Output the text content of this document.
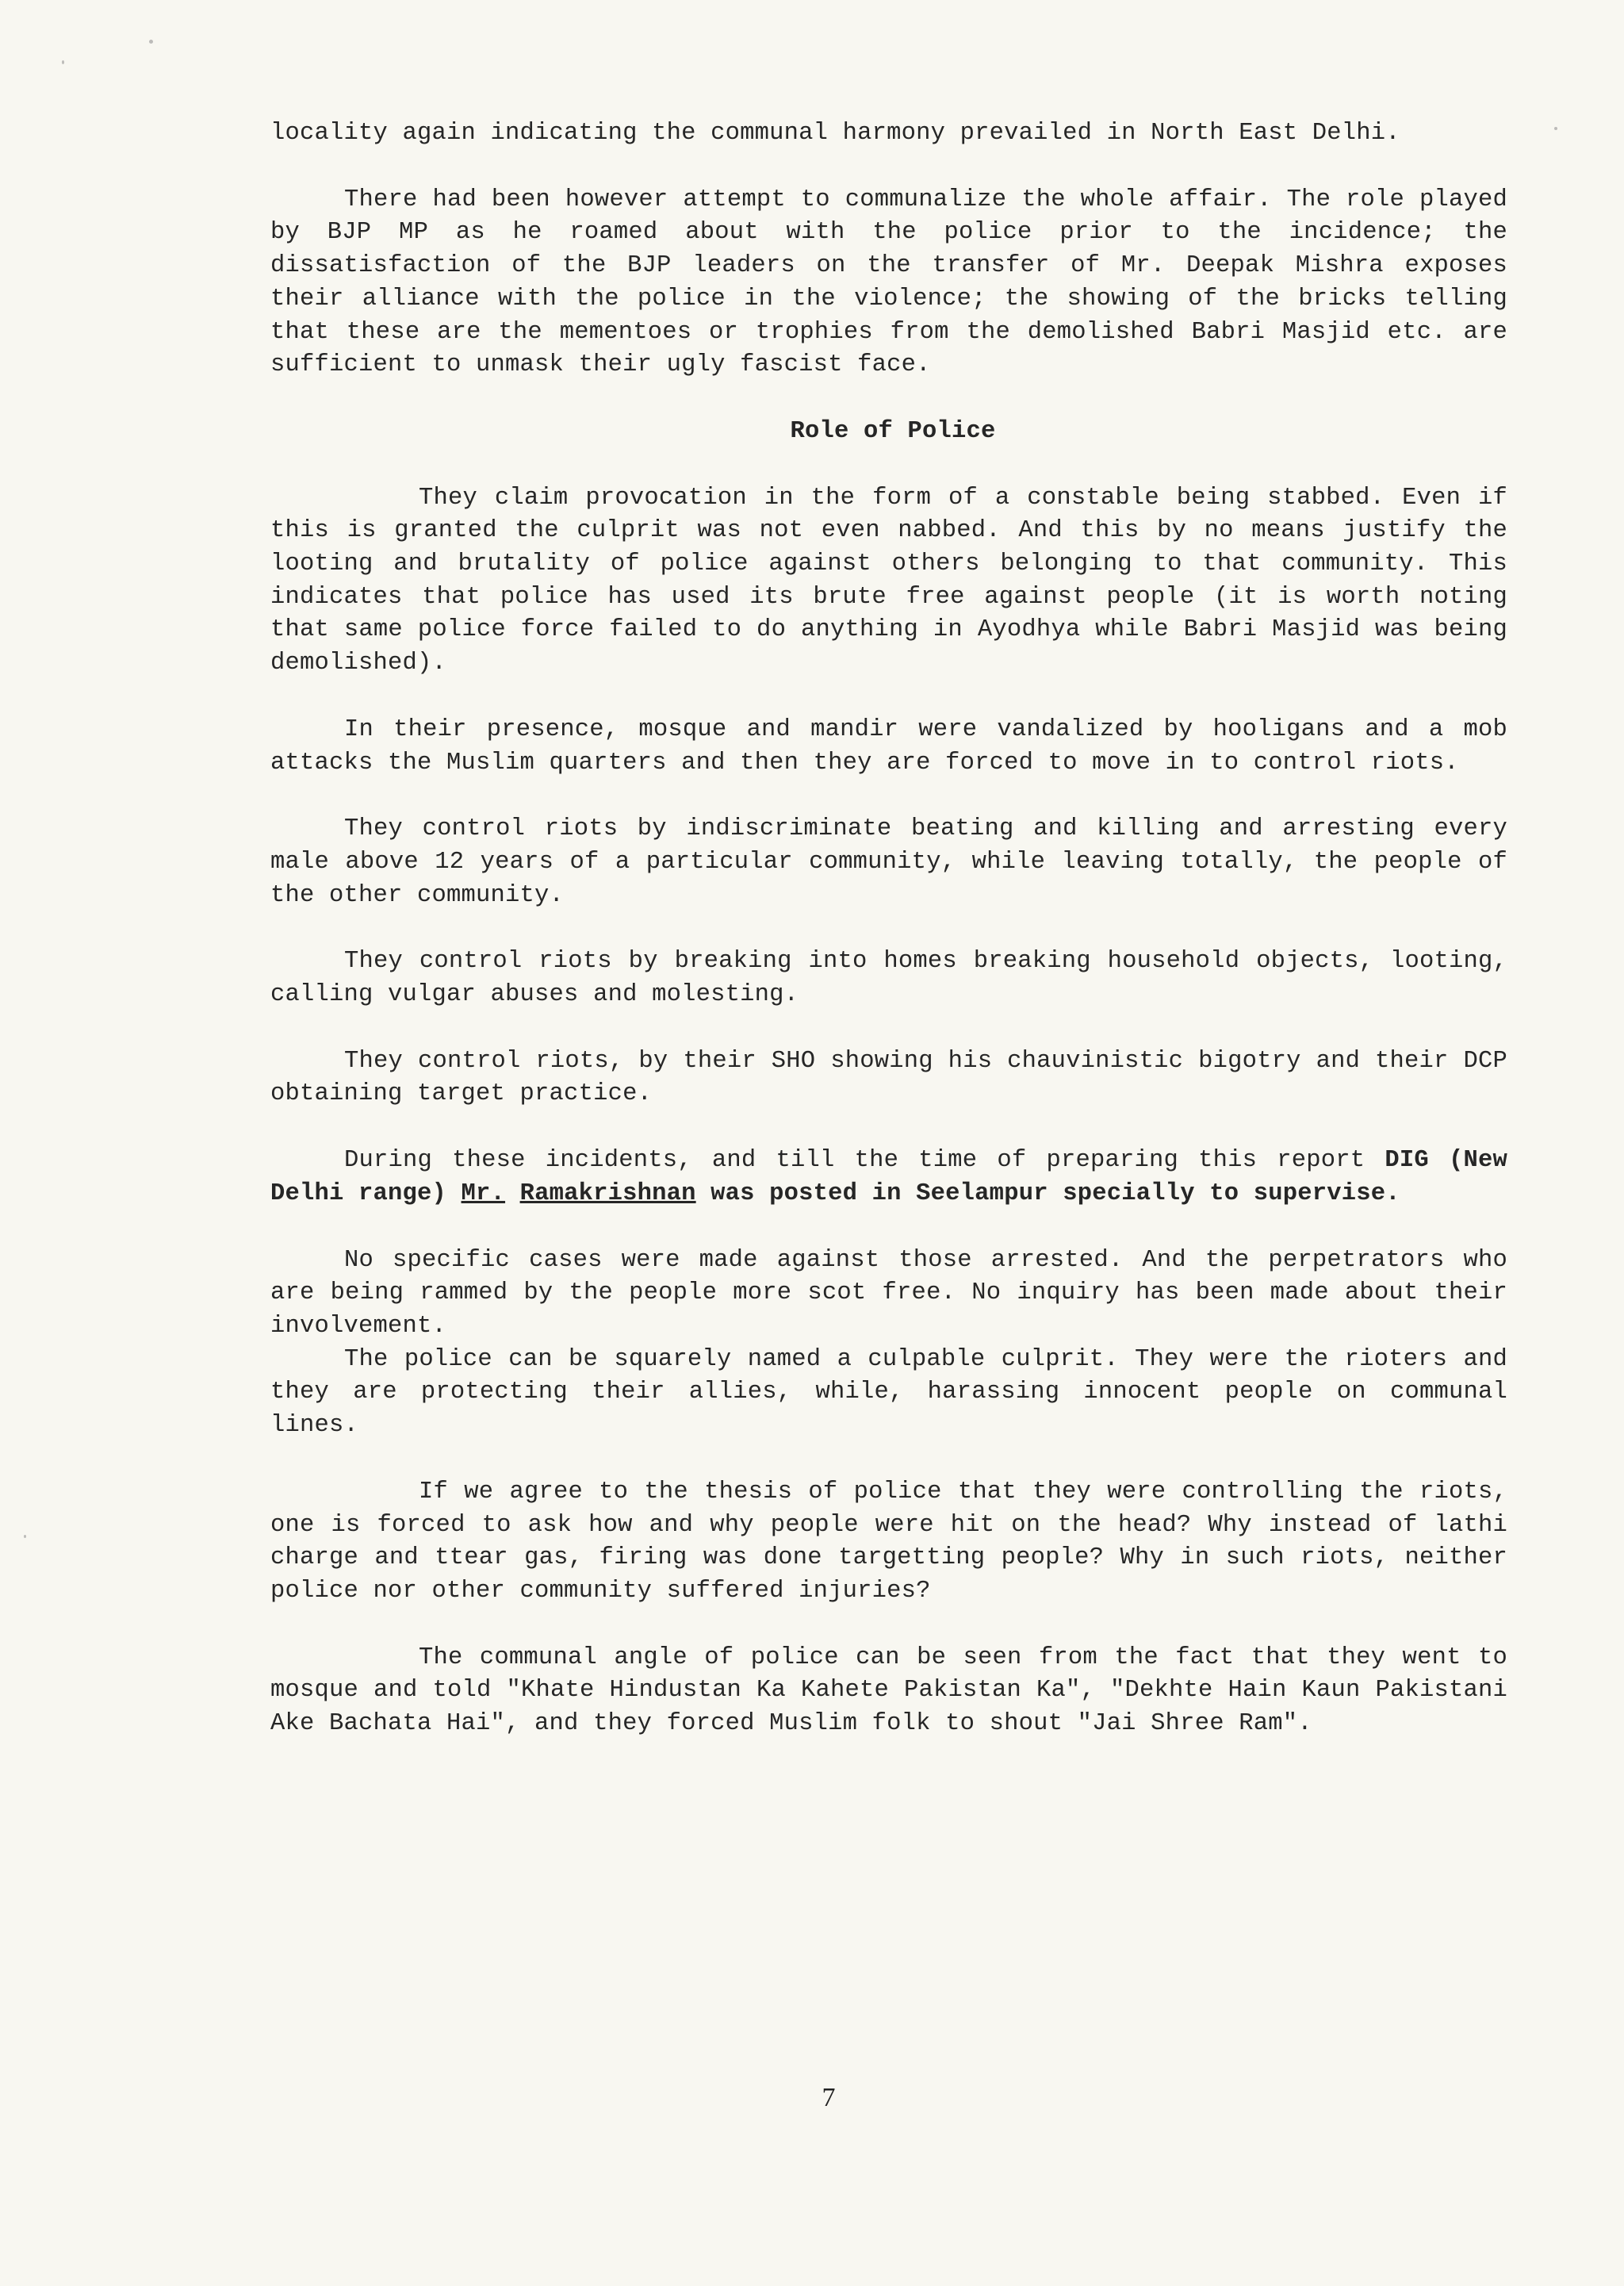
locality again indicating the communal harmony prevailed in North East Delhi.

There had been however attempt to communalize the whole affair. The role played by BJP MP as he roamed about with the police prior to the incidence; the dissatisfaction of the BJP leaders on the transfer of Mr. Deepak Mishra exposes their alliance with the police in the violence; the showing of the bricks telling that these are the mementoes or trophies from the demolished Babri Masjid etc. are sufficient to unmask their ugly fascist face.

Role of Police

They claim provocation in the form of a constable being stabbed. Even if this is granted the culprit was not even nabbed. And this by no means justify the looting and brutality of police against others belonging to that community. This indicates that police has used its brute free against people (it is worth noting that same police force failed to do anything in Ayodhya while Babri Masjid was being demolished).

In their presence, mosque and mandir were vandalized by hooligans and a mob attacks the Muslim quarters and then they are forced to move in to control riots.

They control riots by indiscriminate beating and killing and arresting every male above 12 years of a particular community, while leaving totally, the people of the other community.

They control riots by breaking into homes breaking household objects, looting, calling vulgar abuses and molesting.

They control riots, by their SHO showing his chauvinistic bigotry and their DCP obtaining target practice.

During these incidents, and till the time of preparing this report DIG (New Delhi range) Mr. Ramakrishnan was posted in Seelampur specially to supervise.

No specific cases were made against those arrested. And the perpetrators who are being rammed by the people more scot free. No inquiry has been made about their involvement.

The police can be squarely named a culpable culprit. They were the rioters and they are protecting their allies, while, harassing innocent people on communal lines.

If we agree to the thesis of police that they were controlling the riots, one is forced to ask how and why people were hit on the head? Why instead of lathi charge and ttear gas, firing was done targetting people? Why in such riots, neither police nor other community suffered injuries?

The communal angle of police can be seen from the fact that they went to mosque and told "Khate Hindustan Ka Kahete Pakistan Ka", "Dekhte Hain Kaun Pakistani Ake Bachata Hai", and they forced Muslim folk to shout "Jai Shree Ram".

7
